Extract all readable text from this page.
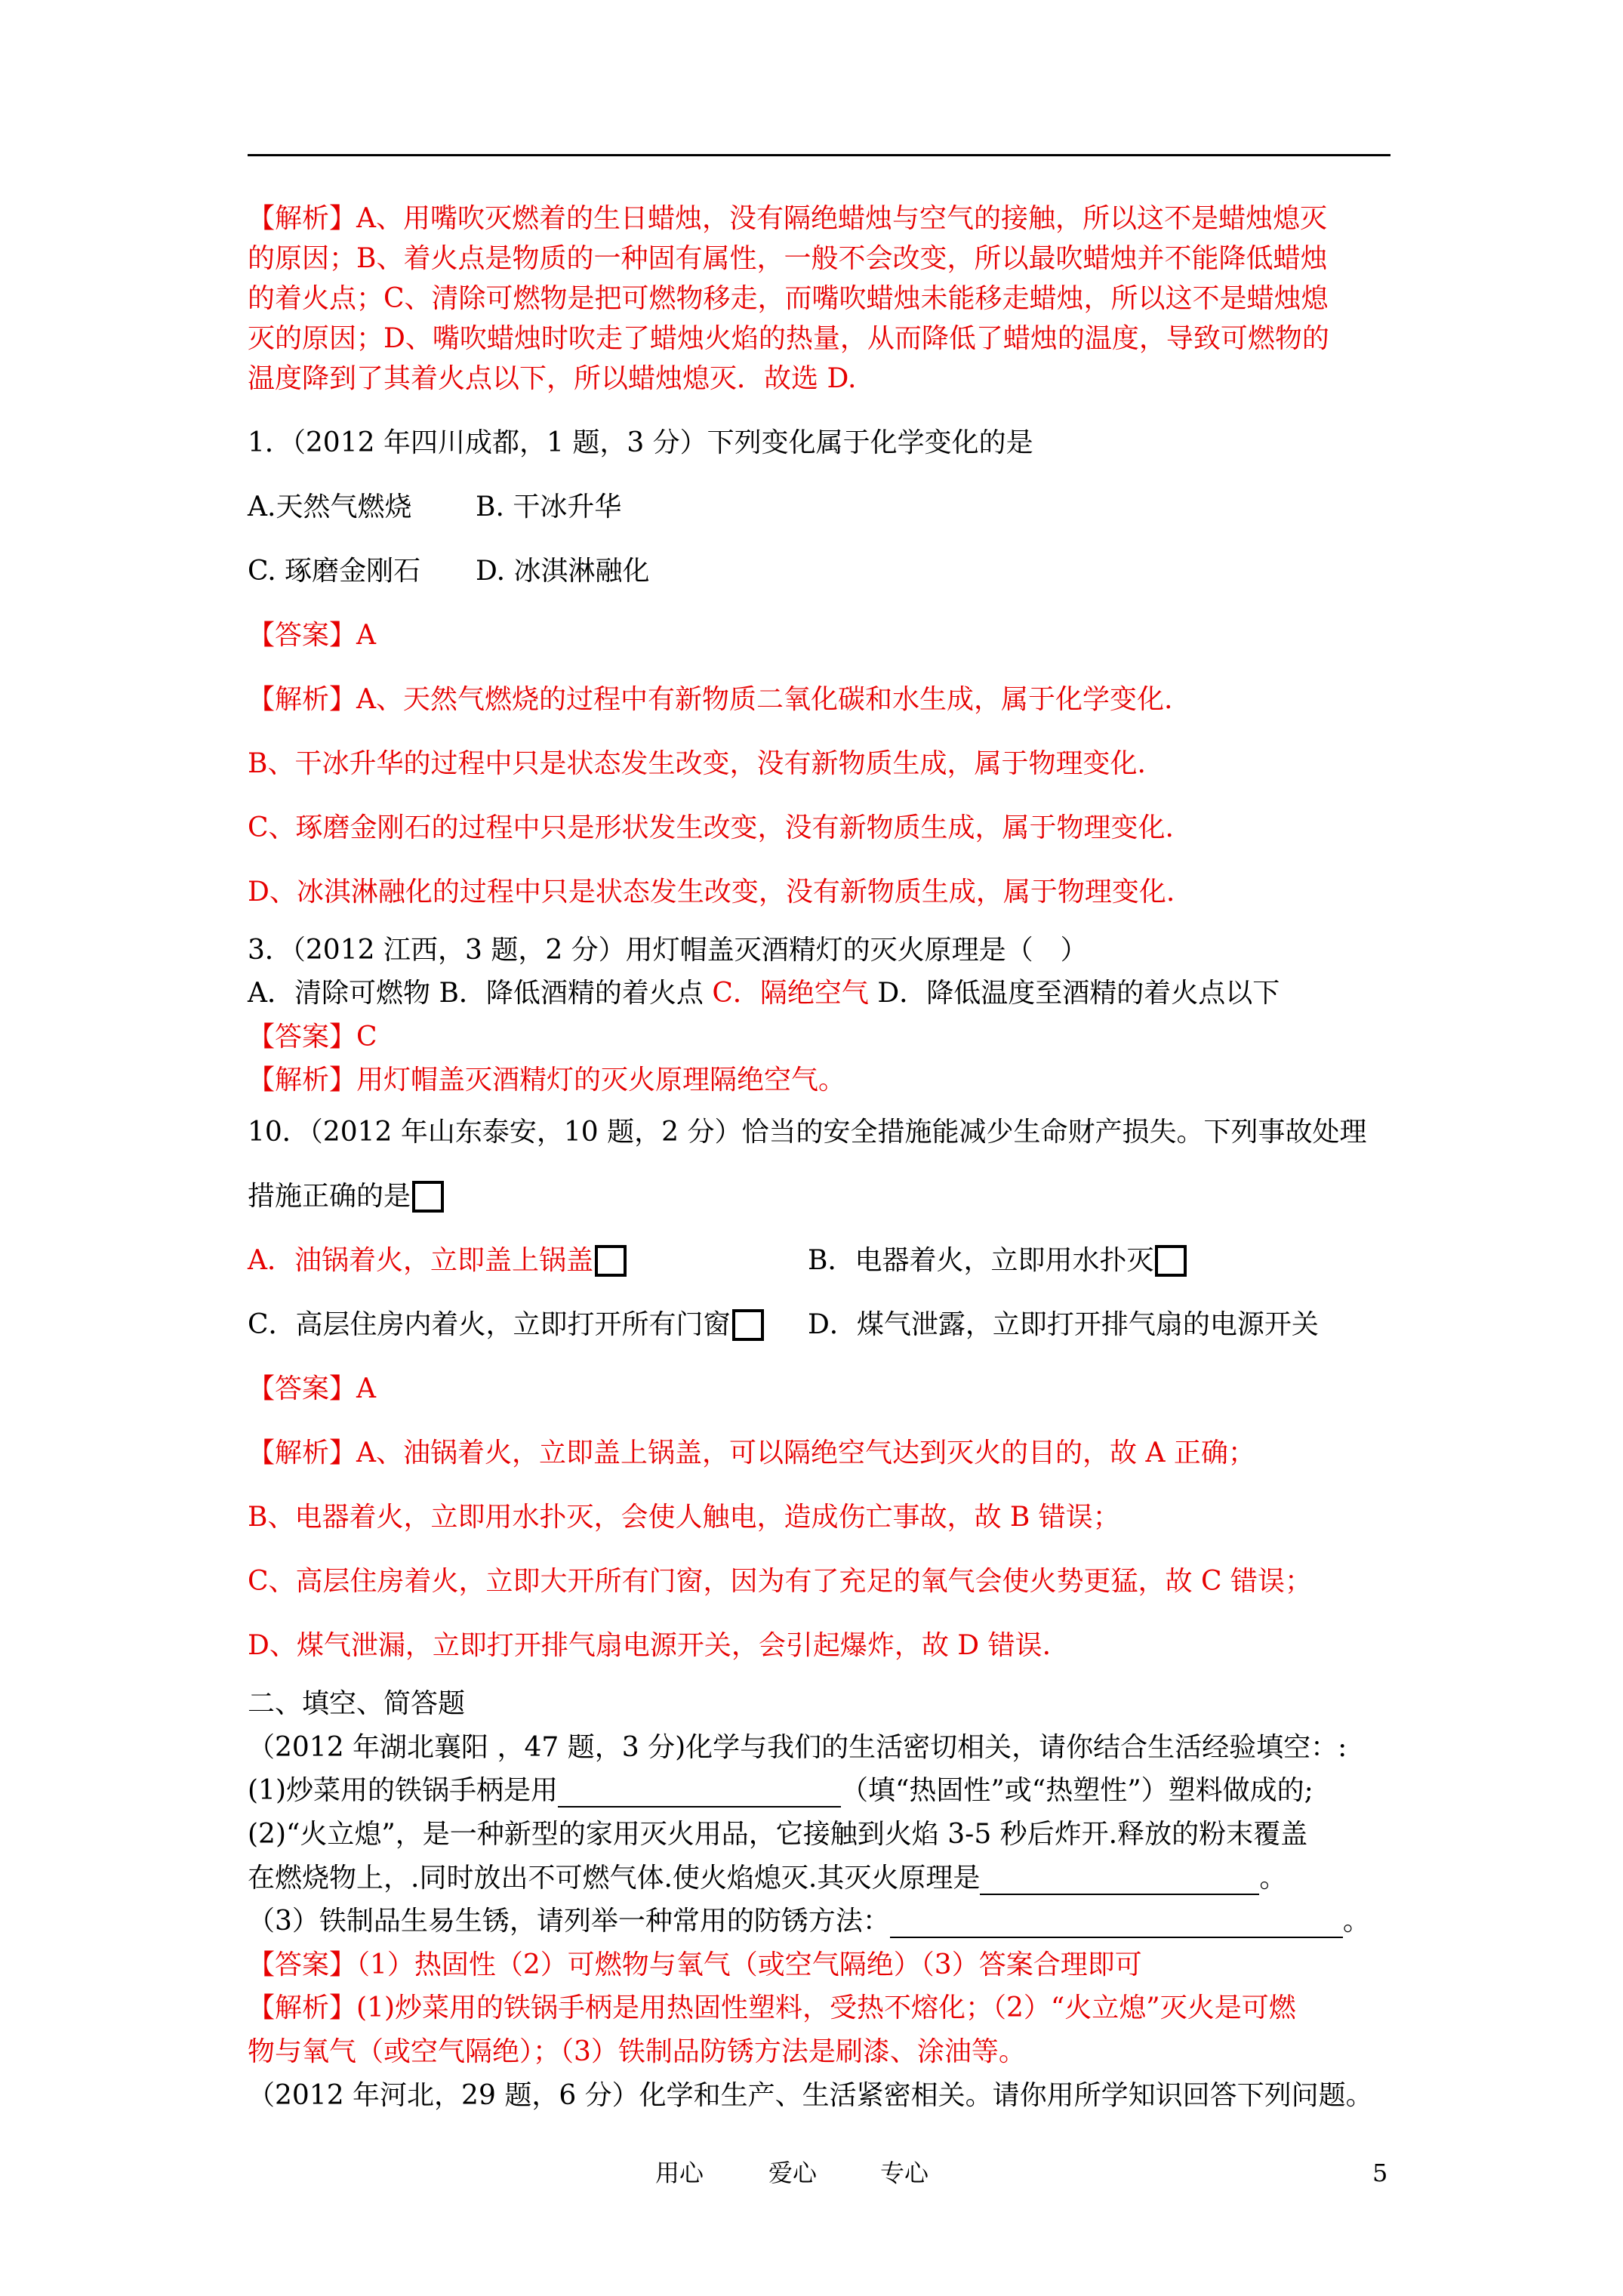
【解析】A、用嘴吹灭燃着的生日蜡烛，没有隔绝蜡烛与空气的接触，所以这不是蜡烛熄灭
的原因；B、着火点是物质的一种固有属性，一般不会改变，所以最吹蜡烛并不能降低蜡烛
的着火点；C、清除可燃物是把可燃物移走，而嘴吹蜡烛未能移走蜡烛，所以这不是蜡烛熄
灭的原因；D、嘴吹蜡烛时吹走了蜡烛火焰的热量，从而降低了蜡烛的温度，导致可燃物的
温度降到了其着火点以下，所以蜡烛熄灭．故选 D.
1．（2012 年四川成都，1 题，3 分）下列变化属于化学变化的是
A.天然气燃烧 B. 干冰升华
C. 琢磨金刚石 D. 冰淇淋融化
【答案】A
【解析】A、天然气燃烧的过程中有新物质二氧化碳和水生成，属于化学变化.
B、干冰升华的过程中只是状态发生改变，没有新物质生成，属于物理变化.
C、琢磨金刚石的过程中只是形状发生改变，没有新物质生成，属于物理变化.
D、冰淇淋融化的过程中只是状态发生改变，没有新物质生成，属于物理变化.
3．（2012 江西，3 题，2 分）用灯帽盖灭酒精灯的灭火原理是（　）
A．清除可燃物 B．降低酒精的着火点 C．隔绝空气 D．降低温度至酒精的着火点以下
【答案】C
【解析】用灯帽盖灭酒精灯的灭火原理隔绝空气。
10．（2012 年山东泰安，10 题，2 分）恰当的安全措施能减少生命财产损失。下列事故处理
措施正确的是
A．油锅着火，立即盖上锅盖	B．电器着火，立即用水扑灭
C．高层住房内着火，立即打开所有门窗	D．煤气泄露，立即打开排气扇的电源开关
【答案】A
【解析】A、油锅着火，立即盖上锅盖，可以隔绝空气达到灭火的目的，故 A 正确；
B、电器着火，立即用水扑灭，会使人触电，造成伤亡事故，故 B 错误；
C、高层住房着火，立即大开所有门窗，因为有了充足的氧气会使火势更猛，故 C 错误；
D、煤气泄漏，立即打开排气扇电源开关，会引起爆炸，故 D 错误.
二、填空、简答题
（2012 年湖北襄阳 ，47 题，3 分)化学与我们的生活密切相关，请你结合生活经验填空：:
(1)炒菜用的铁锅手柄是用	（填“热固性”或“热塑性”）塑料做成的;
(2)“火立熄”，是一种新型的家用灭火用品，它接触到火焰 3-5 秒后炸开.释放的粉末覆盖
在燃烧物上，.同时放出不可燃气体.使火焰熄灭.其灭火原理是	。
（3）铁制品生易生锈，请列举一种常用的防锈方法：	。
【答案】（1）热固性（2）可燃物与氧气（或空气隔绝）（3）答案合理即可
【解析】(1)炒菜用的铁锅手柄是用热固性塑料，受热不熔化；（2）“火立熄”灭火是可燃
物与氧气（或空气隔绝）；（3）铁制品防锈方法是刷漆、涂油等。
（2012 年河北，29 题，6 分）化学和生产、生活紧密相关。请你用所学知识回答下列问题。
用心	爱心	专心	5
